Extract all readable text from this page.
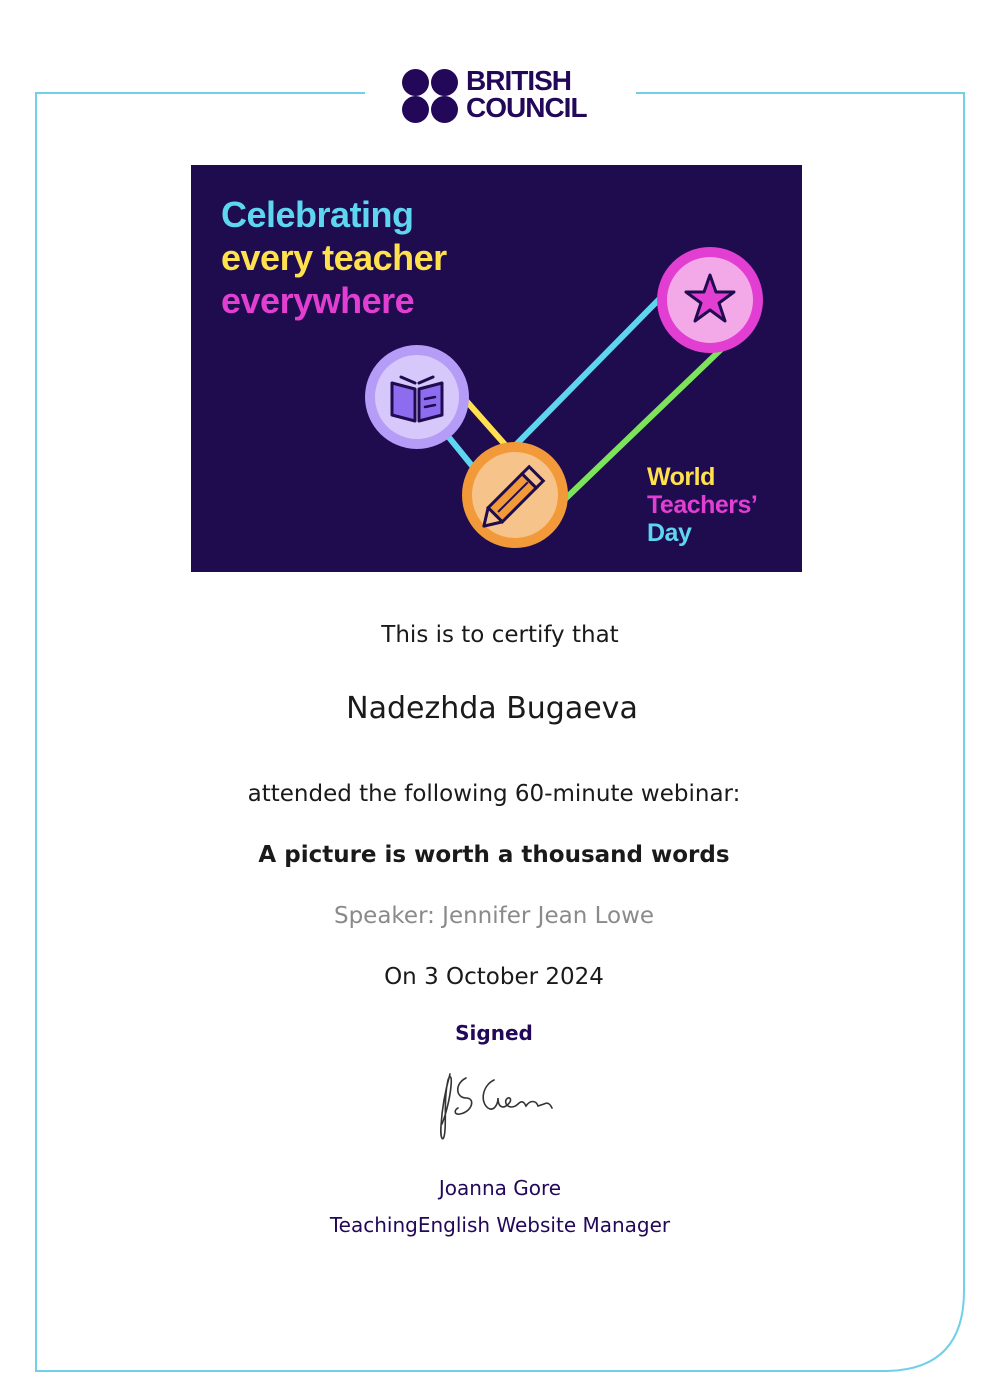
BRITISH
COUNCIL
Celebrating
every teacher
everywhere
World
Teachers’
Day
This is to certify that
Nadezhda Bugaeva
attended the following 60-minute webinar:
A picture is worth a thousand words
Speaker: Jennifer Jean Lowe
On 3 October 2024
Signed
Joanna Gore
TeachingEnglish Website Manager
